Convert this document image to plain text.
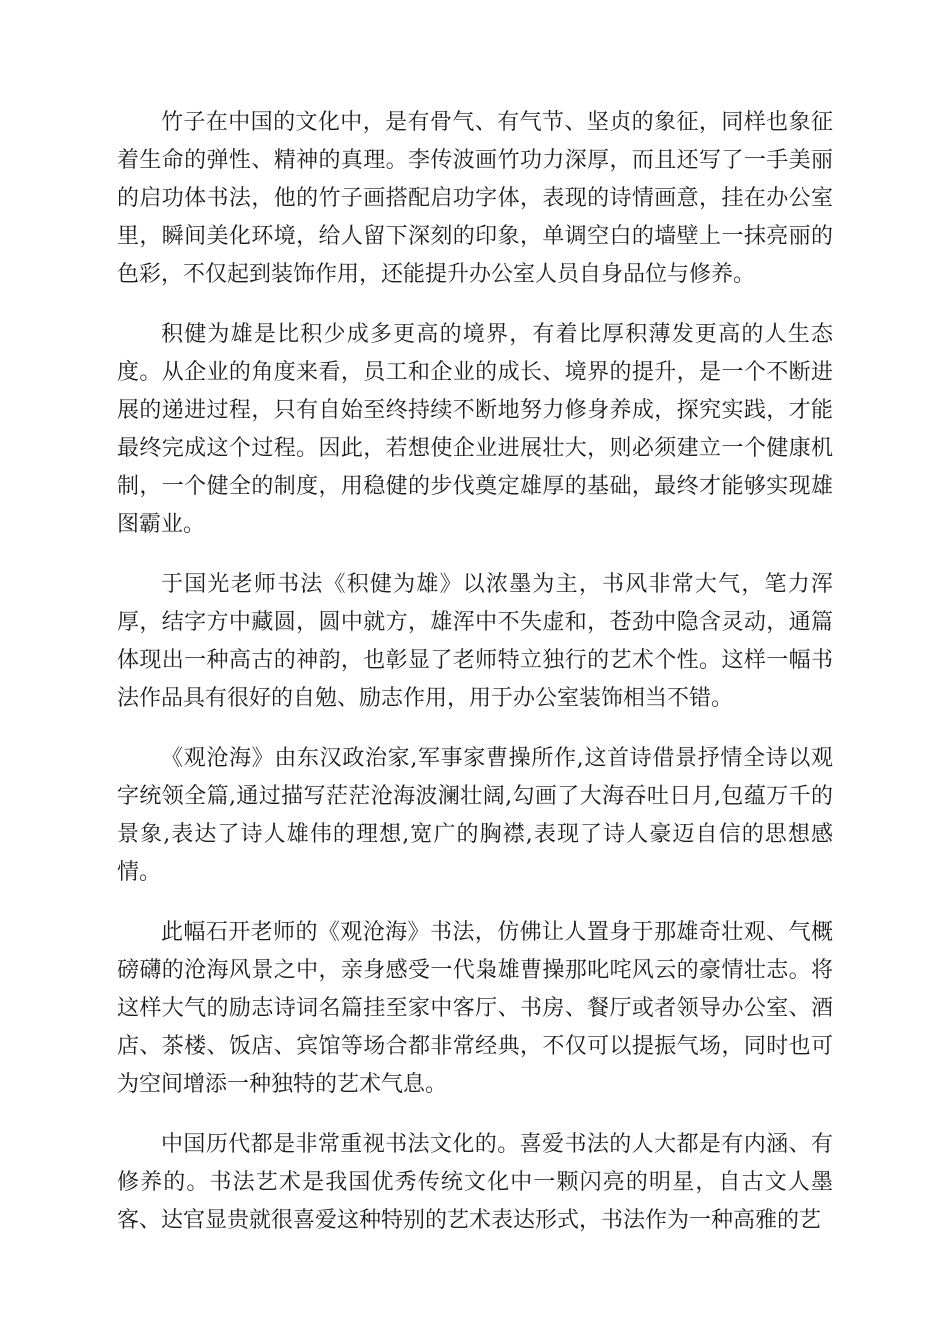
竹子在中国的文化中，是有骨气、有气节、坚贞的象征，同样也象征着生命的弹性、精神的真理。李传波画竹功力深厚，而且还写了一手美丽的启功体书法，他的竹子画搭配启功字体，表现的诗情画意，挂在办公室里，瞬间美化环境，给人留下深刻的印象，单调空白的墙壁上一抹亮丽的色彩，不仅起到装饰作用，还能提升办公室人员自身品位与修养。

积健为雄是比积少成多更高的境界，有着比厚积薄发更高的人生态度。从企业的角度来看，员工和企业的成长、境界的提升，是一个不断进展的递进过程，只有自始至终持续不断地努力修身养成，探究实践，才能最终完成这个过程。因此，若想使企业进展壮大，则必须建立一个健康机制，一个健全的制度，用稳健的步伐奠定雄厚的基础，最终才能够实现雄图霸业。

于国光老师书法《积健为雄》以浓墨为主，书风非常大气，笔力浑厚，结字方中藏圆，圆中就方，雄浑中不失虚和，苍劲中隐含灵动，通篇体现出一种高古的神韵，也彰显了老师特立独行的艺术个性。这样一幅书法作品具有很好的自勉、励志作用，用于办公室装饰相当不错。

《观沧海》由东汉政治家,军事家曹操所作,这首诗借景抒情全诗以观字统领全篇,通过描写茫茫沧海波澜壮阔,勾画了大海吞吐日月,包蕴万千的景象,表达了诗人雄伟的理想,宽广的胸襟,表现了诗人豪迈自信的思想感情。

此幅石开老师的《观沧海》书法，仿佛让人置身于那雄奇壮观、气概磅礴的沧海风景之中，亲身感受一代枭雄曹操那叱咤风云的豪情壮志。将这样大气的励志诗词名篇挂至家中客厅、书房、餐厅或者领导办公室、酒店、茶楼、饭店、宾馆等场合都非常经典，不仅可以提振气场，同时也可为空间增添一种独特的艺术气息。

中国历代都是非常重视书法文化的。喜爱书法的人大都是有内涵、有修养的。书法艺术是我国优秀传统文化中一颗闪亮的明星，自古文人墨客、达官显贵就很喜爱这种特别的艺术表达形式，书法作为一种高雅的艺
